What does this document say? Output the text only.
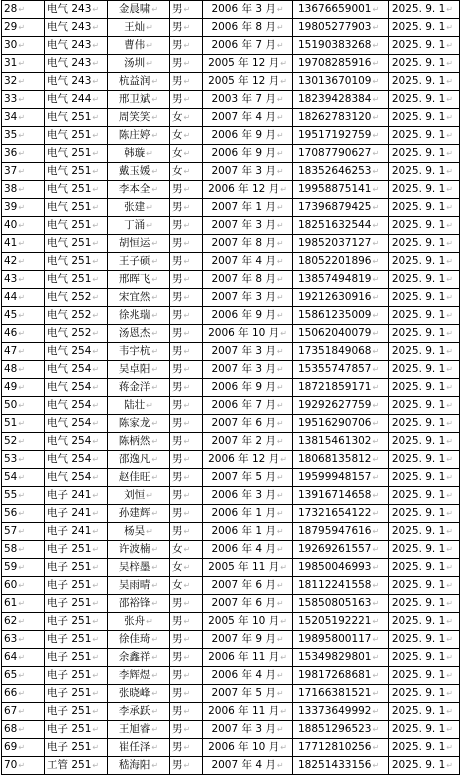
28↵	电气 243↵	金晨啸↵	男↵	2006 年 3 月↵	13676659001↵	2025. 9. 1↵
29↵	电气 243↵	王灿↵	男↵	2006 年 8 月↵	19805277903↵	2025. 9. 1↵
30↵	电气 243↵	曹伟↵	男↵	2006 年 7 月↵	15190383268↵	2025. 9. 1↵
31↵	电气 243↵	汤圳↵	男↵	2005 年 12 月↵	19708285916↵	2025. 9. 1↵
32↵	电气 243↵	杭益润↵	男↵	2005 年 12 月↵	13013670109↵	2025. 9. 1↵
33↵	电气 244↵	邢卫斌↵	男↵	2003 年 7 月↵	18239428384↵	2025. 9. 1↵
34↵	电气 251↵	周笑笑↵	女↵	2007 年 4 月↵	18262783120↵	2025. 9. 1↵
35↵	电气 251↵	陈庄婷↵	女↵	2006 年 9 月↵	19517192759↵	2025. 9. 1↵
36↵	电气 251↵	韩璇↵	女↵	2006 年 9 月↵	17087790627↵	2025. 9. 1↵
37↵	电气 251↵	戴玉媛↵	女↵	2007 年 3 月↵	18352646253↵	2025. 9. 1↵
38↵	电气 251↵	李本全↵	男↵	2006 年 12 月↵	19958875141↵	2025. 9. 1↵
39↵	电气 251↵	张建↵	男↵	2007 年 1 月↵	17396879425↵	2025. 9. 1↵
40↵	电气 251↵	丁涌↵	男↵	2007 年 3 月↵	18251632544↵	2025. 9. 1↵
41↵	电气 251↵	胡恒运↵	男↵	2007 年 8 月↵	19852037127↵	2025. 9. 1↵
42↵	电气 251↵	王子硕↵	男↵	2007 年 4 月↵	18052201896↵	2025. 9. 1↵
43↵	电气 251↵	邢晖飞↵	男↵	2007 年 8 月↵	13857494819↵	2025. 9. 1↵
44↵	电气 252↵	宋宜然↵	男↵	2007 年 3 月↵	19212630916↵	2025. 9. 1↵
45↵	电气 252↵	徐兆瑞↵	男↵	2006 年 9 月↵	15861235009↵	2025. 9. 1↵
46↵	电气 252↵	汤恩杰↵	男↵	2006 年 10 月↵	15062040079↵	2025. 9. 1↵
47↵	电气 254↵	韦宇杭↵	男↵	2007 年 3 月↵	17351849068↵	2025. 9. 1↵
48↵	电气 254↵	吴卓阳↵	男↵	2007 年 3 月↵	15355747857↵	2025. 9. 1↵
49↵	电气 254↵	蒋金洋↵	男↵	2006 年 9 月↵	18721859171↵	2025. 9. 1↵
50↵	电气 254↵	陆壮↵	男↵	2006 年 7 月↵	19292627759↵	2025. 9. 1↵
51↵	电气 254↵	陈家龙↵	男↵	2007 年 6 月↵	19516290706↵	2025. 9. 1↵
52↵	电气 254↵	陈柄然↵	男↵	2007 年 2 月↵	13815461302↵	2025. 9. 1↵
53↵	电气 254↵	邵逸凡↵	男↵	2006 年 12 月↵	18068135812↵	2025. 9. 1↵
54↵	电气 254↵	赵佳旺↵	男↵	2007 年 5 月↵	19599948157↵	2025. 9. 1↵
55↵	电子 241↵	刘恒↵	男↵	2006 年 3 月↵	13916714658↵	2025. 9. 1↵
56↵	电子 241↵	孙建辉↵	男↵	2006 年 1 月↵	17321654122↵	2025. 9. 1↵
57↵	电子 241↵	杨昊↵	男↵	2006 年 1 月↵	18795947616↵	2025. 9. 1↵
58↵	电子 251↵	许波楠↵	女↵	2006 年 4 月↵	19269261557↵	2025. 9. 1↵
59↵	电子 251↵	吴梓墨↵	女↵	2005 年 11 月↵	19850046993↵	2025. 9. 1↵
60↵	电子 251↵	吴雨晴↵	女↵	2007 年 6 月↵	18112241558↵	2025. 9. 1↵
61↵	电子 251↵	邵裕锋↵	男↵	2007 年 6 月↵	15850805163↵	2025. 9. 1↵
62↵	电子 251↵	张舟↵	男↵	2005 年 10 月↵	15205192221↵	2025. 9. 1↵
63↵	电子 251↵	徐佳琦↵	男↵	2007 年 9 月↵	19895800117↵	2025. 9. 1↵
64↵	电子 251↵	余鑫祥↵	男↵	2006 年 11 月↵	15349829801↵	2025. 9. 1↵
65↵	电子 251↵	李辉煜↵	男↵	2006 年 4 月↵	19817268681↵	2025. 9. 1↵
66↵	电子 251↵	张晓峰↵	男↵	2007 年 5 月↵	17166381521↵	2025. 9. 1↵
67↵	电子 251↵	李承跃↵	男↵	2006 年 11 月↵	13373649992↵	2025. 9. 1↵
68↵	电子 251↵	王旭睿↵	男↵	2007 年 3 月↵	18851296523↵	2025. 9. 1↵
69↵	电子 251↵	崔任泽↵	男↵	2006 年 10 月↵	17712810256↵	2025. 9. 1↵
70↵	工管 251↵	嵇海阳↵	男↵	2007 年 4 月↵	18251433156↵	2025. 9. 1↵
